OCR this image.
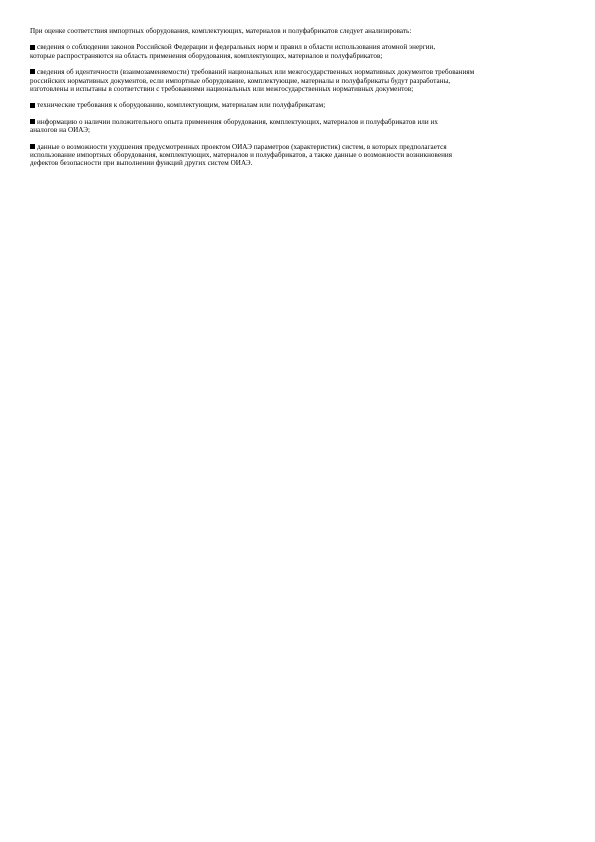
При оценке соответствия импортных оборудования, комплектующих, материалов и полуфабрикатов следует анализировать:

сведения о соблюдении законов Российской Федерации и федеральных норм и правил в области использования атомной энергии,
которые распространяются на область применения оборудования, комплектующих, материалов и полуфабрикатов;
сведения об идентичности (взаимозаменяемости) требований национальных или межгосударственных нормативных документов требованиям
российских нормативных документов, если импортные оборудование, комплектующие, материалы и полуфабрикаты будут разработаны,
изготовлены и испытаны в соответствии с требованиями национальных или межгосударственных нормативных документов;
технические требования к оборудованию, комплектующим, материалам или полуфабрикатам;
информацию о наличии положительного опыта применения оборудования, комплектующих, материалов и полуфабрикатов или их
аналогов на ОИАЭ;
данные о возможности ухудшения предусмотренных проектом ОИАЭ параметров (характеристик) систем, в которых предполагается
использование импортных оборудования, комплектующих, материалов и полуфабрикатов, а также данные о возможности возникновения
дефектов безопасности при выполнении функций других систем ОИАЭ.
